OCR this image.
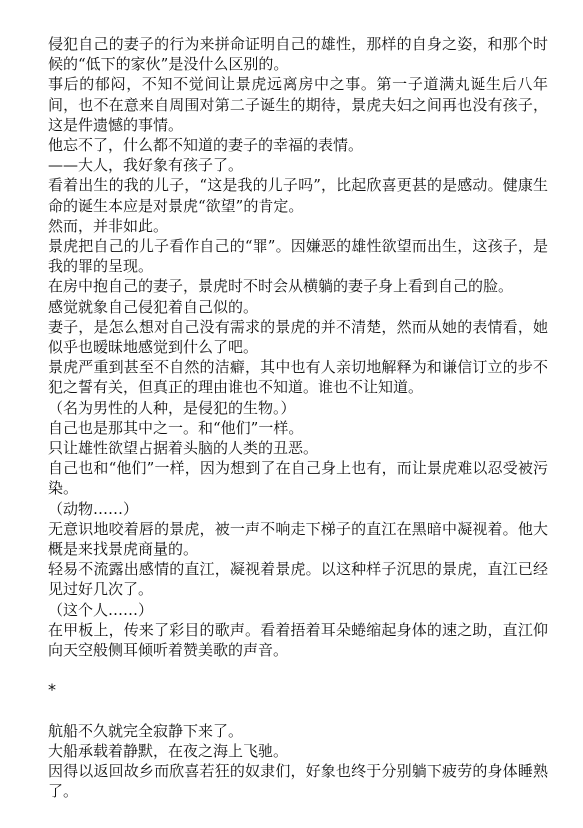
侵犯自己的妻子的行为来拼命证明自己的雄性，那样的自身之姿，和那个时候的“低下的家伙”是没什么区别的。

事后的郁闷，不知不觉间让景虎远离房中之事。第一子道满丸诞生后八年间，也不在意来自周围对第二子诞生的期待，景虎夫妇之间再也没有孩子，这是件遗憾的事情。

他忘不了，什么都不知道的妻子的幸福的表情。

——大人，我好象有孩子了。

看着出生的我的儿子，“这是我的儿子吗”，比起欣喜更甚的是感动。健康生命的诞生本应是对景虎“欲望”的肯定。

然而，并非如此。

景虎把自己的儿子看作自己的“罪”。因嫌恶的雄性欲望而出生，这孩子，是我的罪的呈现。

在房中抱自己的妻子，景虎时不时会从横躺的妻子身上看到自己的脸。

感觉就象自己侵犯着自己似的。

妻子，是怎么想对自己没有需求的景虎的并不清楚，然而从她的表情看，她似乎也暧昧地感觉到什么了吧。

景虎严重到甚至不自然的洁癖，其中也有人亲切地解释为和谦信订立的步不犯之誓有关，但真正的理由谁也不知道。谁也不让知道。

（名为男性的人种，是侵犯的生物。）

自己也是那其中之一。和“他们”一样。

只让雄性欲望占据着头脑的人类的丑恶。

自己也和“他们”一样，因为想到了在自己身上也有，而让景虎难以忍受被污染。

（动物……）

无意识地咬着唇的景虎，被一声不响走下梯子的直江在黑暗中凝视着。他大概是来找景虎商量的。

轻易不流露出感情的直江，凝视着景虎。以这种样子沉思的景虎，直江已经见过好几次了。

（这个人……）

在甲板上，传来了彩目的歌声。看着捂着耳朵蜷缩起身体的速之助，直江仰向天空般侧耳倾听着赞美歌的声音。

*

航船不久就完全寂静下来了。

大船承载着静默，在夜之海上飞驰。

因得以返回故乡而欣喜若狂的奴隶们，好象也终于分别躺下疲劳的身体睡熟了。
